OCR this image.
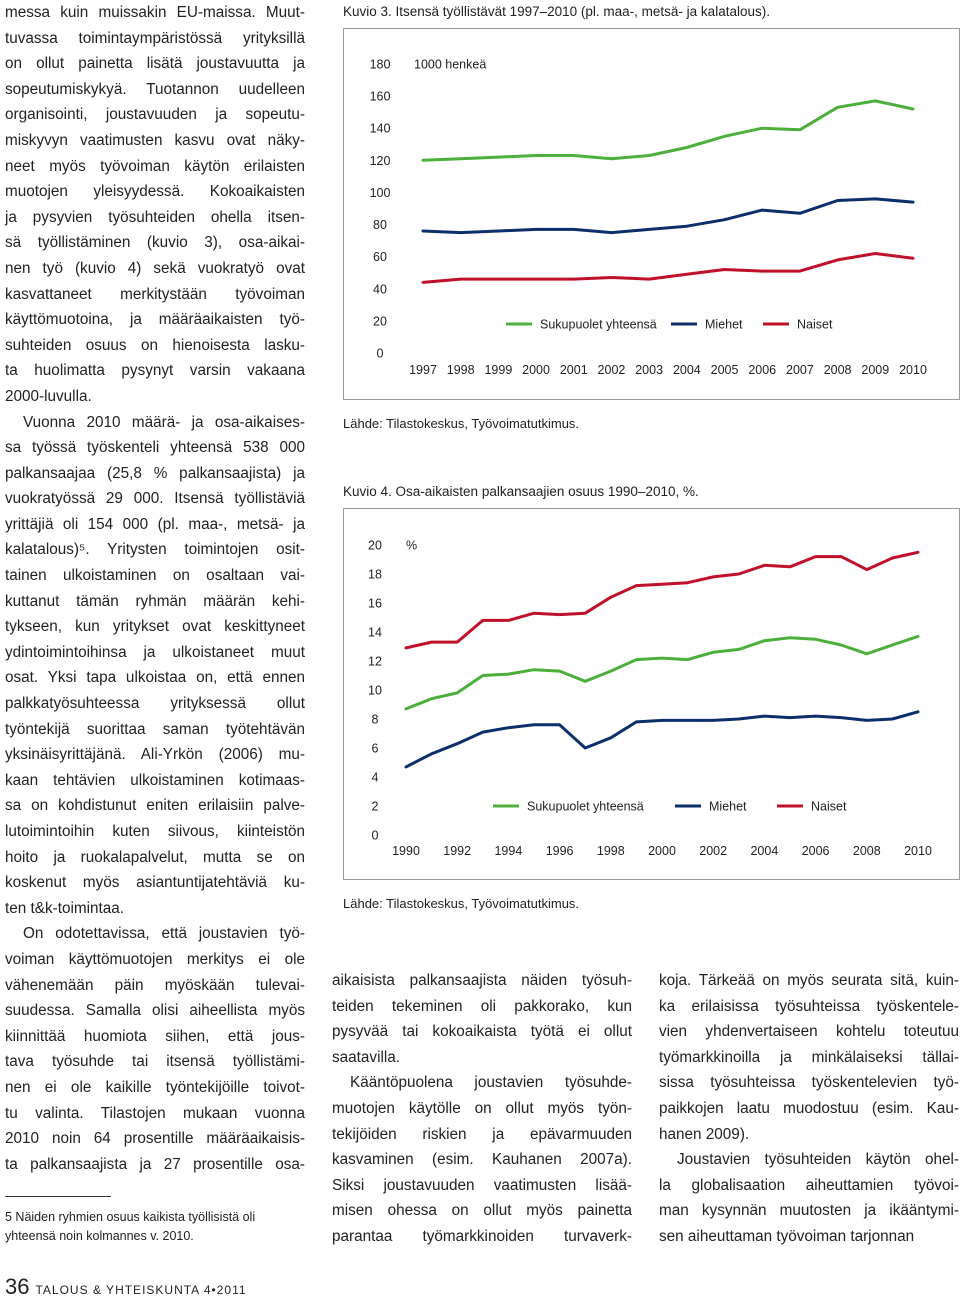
messa kuin muissakin EU-maissa. Muut-
tuvassa toimintaympäristössä yrityksillä
on ollut painetta lisätä joustavuutta ja
sopeutumiskykyä. Tuotannon uudelleen
organisointi, joustavuuden ja sopeutu-
miskyvyn vaatimusten kasvu ovat näky-
neet myös työvoiman käytön erilaisten
muotojen yleisyydessä. Kokoaikaisten
ja pysyvien työsuhteiden ohella itsen-
sä työllistäminen (kuvio 3), osa-aikai-
nen työ (kuvio 4) sekä vuokratyö ovat
kasvattaneet merkitystään työvoiman
käyttömuotoina, ja määräaikaisten työ-
suhteiden osuus on hienoisesta lasku-
ta huolimatta pysynyt varsin vakaana
2000-luvulla.
Vuonna 2010 määrä- ja osa-aikaises-
sa työssä työskenteli yhteensä 538 000
palkansaajaa (25,8 % palkansaajista) ja
vuokratyössä 29 000. Itsensä työllistäviä
yrittäjiä oli 154 000 (pl. maa-, metsä- ja
kalatalous)⁵. Yritysten toimintojen osit-
tainen ulkoistaminen on osaltaan vai-
kuttanut tämän ryhmän määrän kehi-
tykseen, kun yritykset ovat keskittyneet
ydintoimintoihinsa ja ulkoistaneet muut
osat. Yksi tapa ulkoistaa on, että ennen
palkkatyösuhteessa yrityksessä ollut
työntekijä suorittaa saman työtehtävän
yksinäisyrittäjänä. Ali-Yrkön (2006) mu-
kaan tehtävien ulkoistaminen kotimaas-
sa on kohdistunut eniten erilaisiin palve-
lutoimintoihin kuten siivous, kiinteistön
hoito ja ruokalapalvelut, mutta se on
koskenut myös asiantuntijatehtäviä ku-
ten t&k-toimintaa.
On odotettavissa, että joustavien työ-
voiman käyttömuotojen merkitys ei ole
vähenemään päin myöskään tulevai-
suudessa. Samalla olisi aiheellista myös
kiinnittää huomiota siihen, että jous-
tava työsuhde tai itsensä työllistämi-
nen ei ole kaikille työntekijöille toivot-
tu valinta. Tilastojen mukaan vuonna
2010 noin 64 prosentille määräaikaisis-
ta palkansaajista ja 27 prosentille osa-
5 Näiden ryhmien osuus kaikista työllisistä oli
yhteensä noin kolmannes v. 2010.
36 TALOUS & YHTEISKUNTA 4•2011
Kuvio 3. Itsensä työllistävät 1997–2010 (pl. maa-, metsä- ja kalatalous).
0
20
40
60
80
100
120
140
160
180 1000 henkeä
1997 1998 1999 2000 2001 2002 2003 2004 2005 2006 2007 2008 2009 2010
Sukupuolet yhteensä	Miehet	Naiset
Lähde: Tilastokeskus, Työvoimatutkimus.
Kuvio 4. Osa-aikaisten palkansaajien osuus 1990–2010, %.
0
2
4
6
8
10
12
14
16
18
20 %
1990 1992 1994 1996 1998 2000 2002 2004 2006 2008 2010
Sukupuolet yhteensä	Miehet	Naiset
Lähde: Tilastokeskus, Työvoimatutkimus.
aikaisista palkansaajista näiden työsuh-
teiden tekeminen oli pakkorako, kun
pysyvää tai kokoaikaista työtä ei ollut
saatavilla.
Kääntöpuolena joustavien työsuhde-
muotojen käytölle on ollut myös työn-
tekijöiden riskien ja epävarmuuden
kasvaminen (esim. Kauhanen 2007a).
Siksi joustavuuden vaatimusten lisää-
misen ohessa on ollut myös painetta
parantaa työmarkkinoiden turvaverk-
koja. Tärkeää on myös seurata sitä, kuin-
ka erilaisissa työsuhteissa työskentele-
vien yhdenvertaiseen kohtelu toteutuu
työmarkkinoilla ja minkälaiseksi tällai-
sissa työsuhteissa työskentelevien työ-
paikkojen laatu muodostuu (esim. Kau-
hanen 2009).
Joustavien työsuhteiden käytön ohel-
la globalisaation aiheuttamien työvoi-
man kysynnän muutosten ja ikääntymi-
sen aiheuttaman työvoiman tarjonnan
